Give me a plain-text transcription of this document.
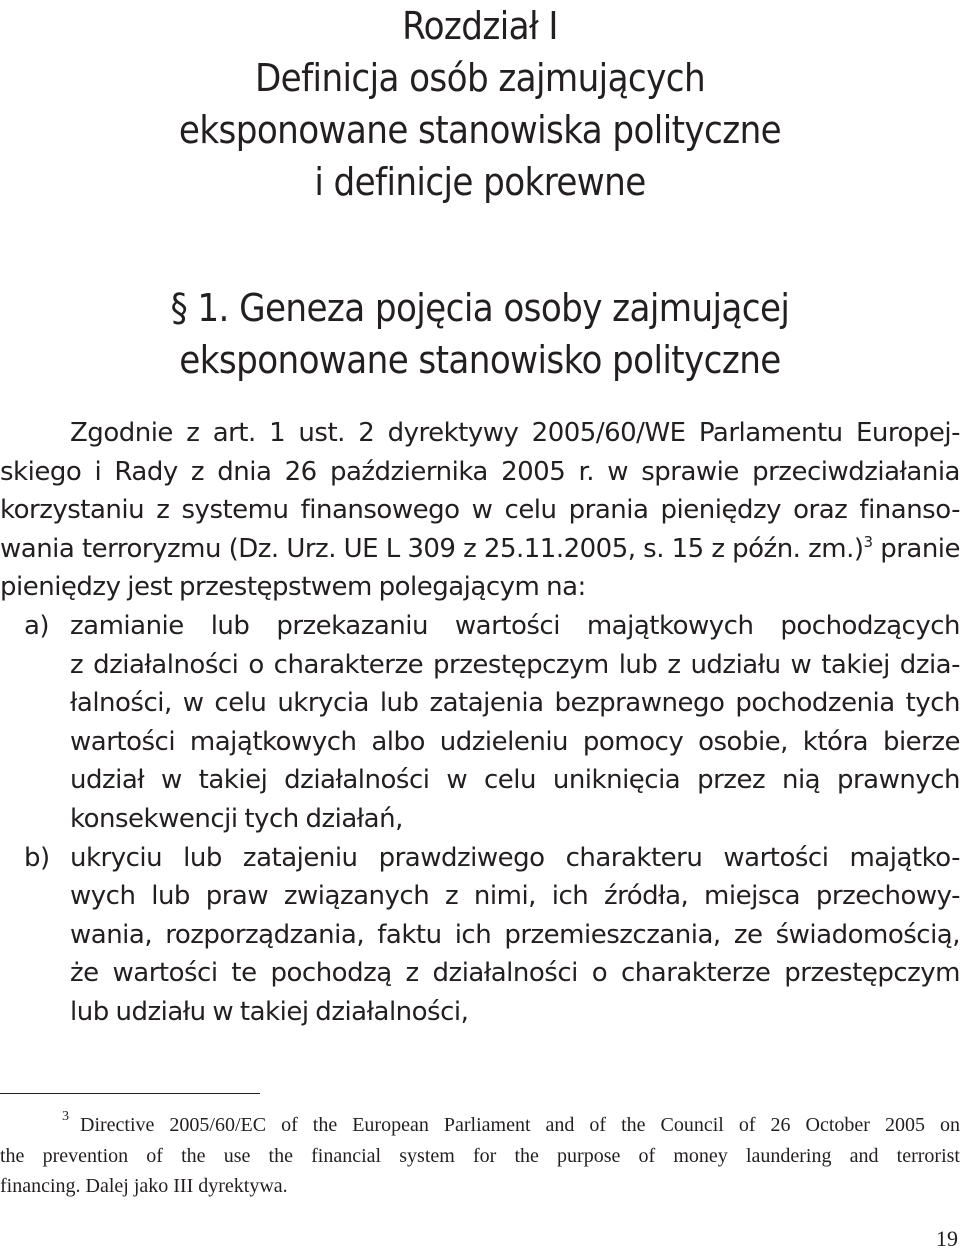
Rozdział I
Definicja osób zajmujących
eksponowane stanowiska polityczne
i definicje pokrewne
§ 1. Geneza pojęcia osoby zajmującej
eksponowane stanowisko polityczne
Zgodnie z art. 1 ust. 2 dyrektywy 2005/60/WE Parlamentu Europej-
skiego i Rady z dnia 26 października 2005 r. w sprawie przeciwdziałania
korzystaniu z systemu finansowego w celu prania pieniędzy oraz finanso-
wania terroryzmu (Dz. Urz. UE L 309 z 25.11.2005, s. 15 z późn. zm.)$^3$ pranie
pieniędzy jest przestępstwem polegającym na:
a) zamianie lub przekazaniu wartości majątkowych pochodzących
z działalności o charakterze przestępczym lub z udziału w takiej dzia-
łalności, w celu ukrycia lub zatajenia bezprawnego pochodzenia tych
wartości majątkowych albo udzieleniu pomocy osobie, która bierze
udział w takiej działalności w celu uniknięcia przez nią prawnych
konsekwencji tych działań,
b) ukryciu lub zatajeniu prawdziwego charakteru wartości majątko-
wych lub praw związanych z nimi, ich źródła, miejsca przechowy-
wania, rozporządzania, faktu ich przemieszczania, ze świadomością,
że wartości te pochodzą z działalności o charakterze przestępczym
lub udziału w takiej działalności,
3 Directive 2005/60/EC of the European Parliament and of the Council of 26 October 2005 on
the prevention of the use the financial system for the purpose of money laundering and terrorist
financing. Dalej jako III dyrektywa.
19
